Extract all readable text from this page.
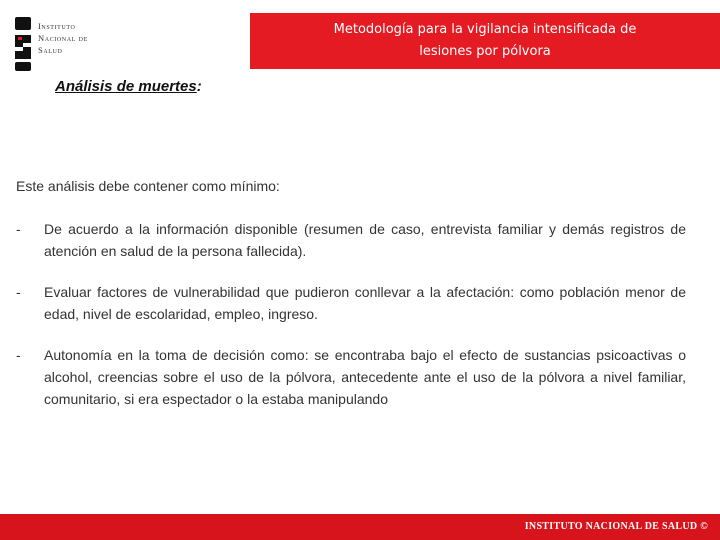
Instituto
Nacional de
Salud
Metodología para la vigilancia intensificada de
lesiones por pólvora
Análisis de muertes:
Este análisis debe contener como mínimo:
-	De acuerdo a la información disponible (resumen de caso, entrevista familiar y demás registros de atención en salud de la persona fallecida).
-	Evaluar factores de vulnerabilidad que pudieron conllevar a la afectación: como población menor de edad, nivel de escolaridad, empleo, ingreso.
-	Autonomía en la toma de decisión como: se encontraba bajo el efecto de sustancias psicoactivas o alcohol, creencias sobre el uso de la pólvora, antecedente ante el uso de la pólvora a nivel familiar, comunitario, si era espectador o la estaba manipulando
INSTITUTO NACIONAL DE SALUD ©
